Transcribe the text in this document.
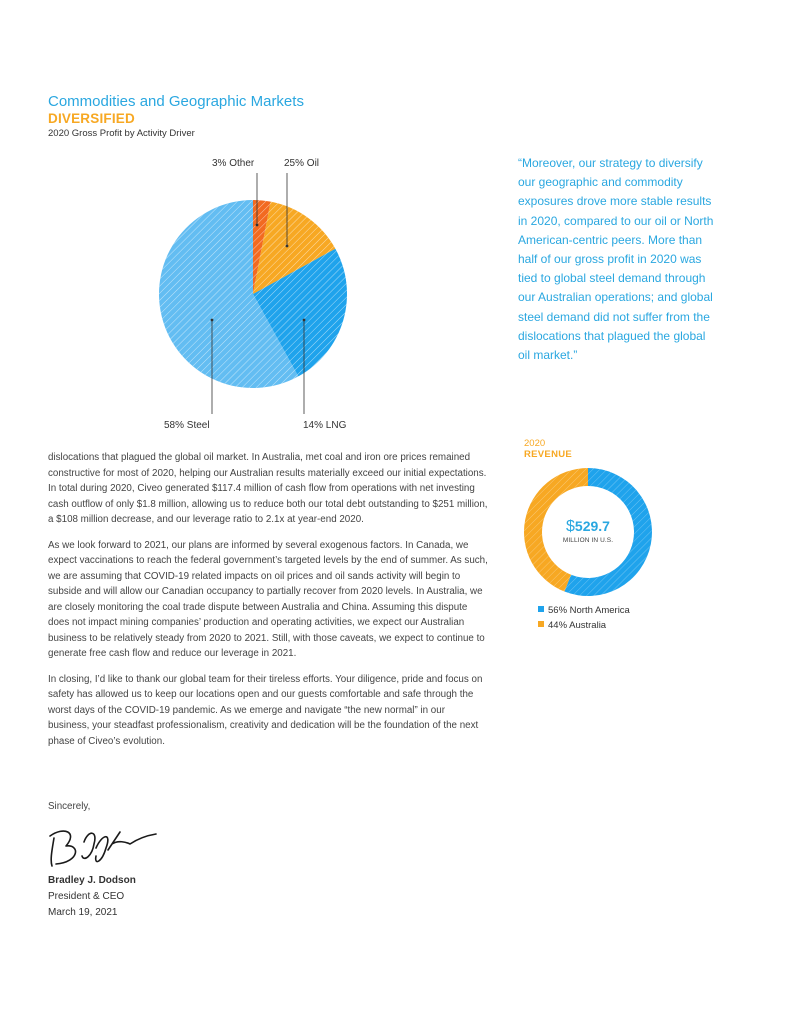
Commodities and Geographic Markets
DIVERSIFIED
2020 Gross Profit by Activity Driver
3% Other	25% Oil
14% LNG
58% Steel

“Moreover, our strategy to diversify our geographic and commodity exposures drove more stable results in 2020, compared to our oil or North American-centric peers. More than half of our gross profit in 2020 was tied to global steel demand through our Australian operations; and global steel demand did not suffer from the dislocations that plagued the global oil market.”

2020
REVENUE
$529.7
MILLION IN U.S.
56% North America
44% Australia

dislocations that plagued the global oil market. In Australia, met coal and iron ore prices remained constructive for most of 2020, helping our Australian results materially exceed our initial expectations. In total during 2020, Civeo generated $117.4 million of cash flow from operations with net investing cash outflow of only $1.8 million, allowing us to reduce both our total debt outstanding to $251 million, a $108 million decrease, and our leverage ratio to 2.1x at year-end 2020.

As we look forward to 2021, our plans are informed by several exogenous factors. In Canada, we expect vaccinations to reach the federal government’s targeted levels by the end of summer. As such, we are assuming that COVID-19 related impacts on oil prices and oil sands activity will begin to subside and will allow our Canadian occupancy to partially recover from 2020 levels. In Australia, we are closely monitoring the coal trade dispute between Australia and China. Assuming this dispute does not impact mining companies’ production and operating activities, we expect our Australian business to be relatively steady from 2020 to 2021. Still, with those caveats, we expect to continue to generate free cash flow and reduce our leverage in 2021.

In closing, I’d like to thank our global team for their tireless efforts. Your diligence, pride and focus on safety has allowed us to keep our locations open and our guests comfortable and safe through the worst days of the COVID-19 pandemic. As we emerge and navigate “the new normal” in our business, your steadfast professionalism, creativity and dedication will be the foundation of the next phase of Civeo’s evolution.

Sincerely,
Bradley J. Dodson
President & CEO
March 19, 2021
